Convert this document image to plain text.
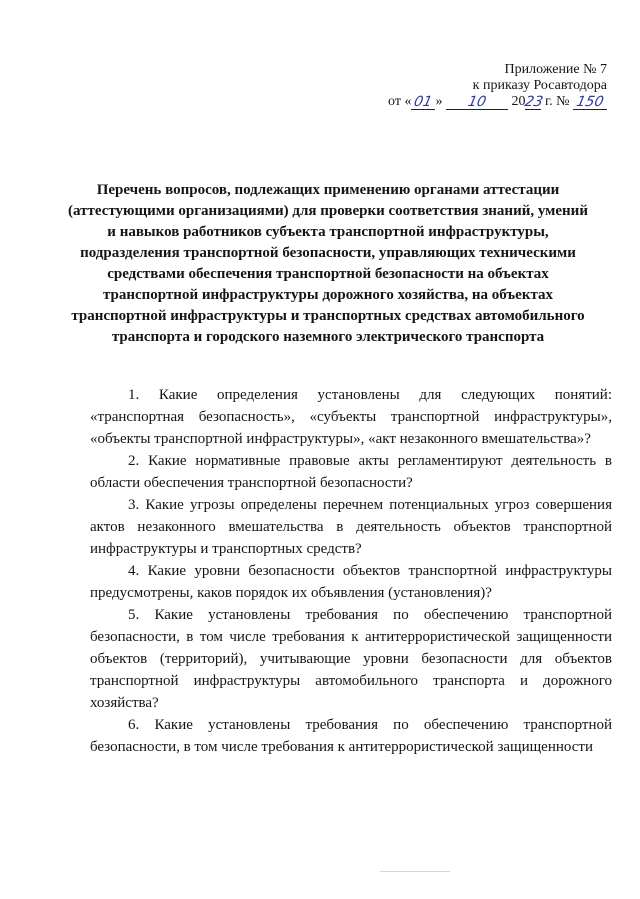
Приложение № 7
к приказу Росавтодора
от « 01 »	10	20
23
г. № 150

Перечень вопросов, подлежащих применению органами аттестации (аттестующими организациями) для проверки соответствия знаний, умений и навыков работников субъекта транспортной инфраструктуры, подразделения транспортной безопасности, управляющих техническими средствами обеспечения транспортной безопасности на объектах транспортной инфраструктуры дорожного хозяйства, на объектах транспортной инфраструктуры и транспортных средствах автомобильного транспорта и городского наземного электрического транспорта

1. Какие определения установлены для следующих понятий: «транспортная безопасность», «субъекты транспортной инфраструктуры», «объекты транспортной инфраструктуры», «акт незаконного вмешательства»?
2. Какие нормативные правовые акты регламентируют деятельность в области обеспечения транспортной безопасности?
3. Какие угрозы определены перечнем потенциальных угроз совершения актов незаконного вмешательства в деятельность объектов транспортной инфраструктуры и транспортных средств?
4. Какие уровни безопасности объектов транспортной инфраструктуры предусмотрены, каков порядок их объявления (установления)?
5. Какие установлены требования по обеспечению транспортной безопасности, в том числе требования к антитеррористической защищенности объектов (территорий), учитывающие уровни безопасности для объектов транспортной инфраструктуры автомобильного транспорта и дорожного хозяйства?
6. Какие установлены требования по обеспечению транспортной безопасности, в том числе требования к антитеррористической защищенности
